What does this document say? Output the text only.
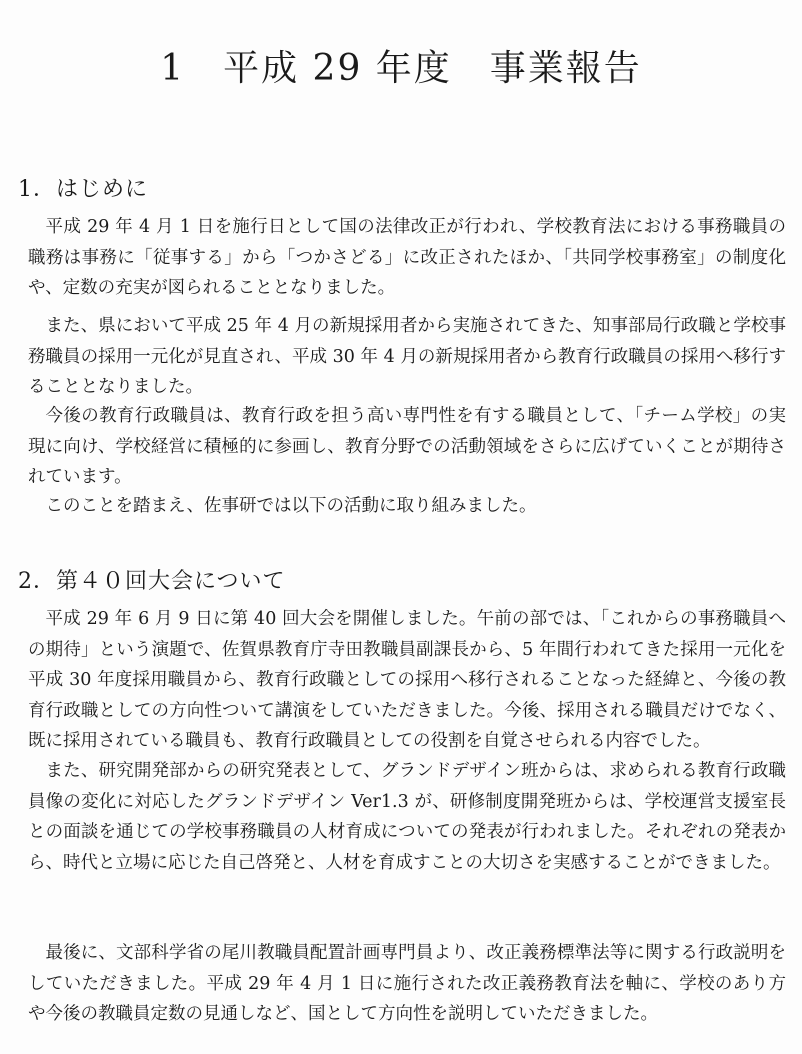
1　平成 29 年度　事業報告
1．はじめに

平成 29 年 4 月 1 日を施行日として国の法律改正が行われ、学校教育法における事務職員の職務は事務に「従事する」から「つかさどる」に改正されたほか、「共同学校事務室」の制度化や、定数の充実が図られることとなりました。

また、県において平成 25 年 4 月の新規採用者から実施されてきた、知事部局行政職と学校事務職員の採用一元化が見直され、平成 30 年 4 月の新規採用者から教育行政職員の採用へ移行することとなりました。

今後の教育行政職員は、教育行政を担う高い専門性を有する職員として、「チーム学校」の実現に向け、学校経営に積極的に参画し、教育分野での活動領域をさらに広げていくことが期待されています。

このことを踏まえ、佐事研では以下の活動に取り組みました。

2．第４０回大会について

平成 29 年 6 月 9 日に第 40 回大会を開催しました。午前の部では、「これからの事務職員への期待」という演題で、佐賀県教育庁寺田教職員副課長から、5 年間行われてきた採用一元化を平成 30 年度採用職員から、教育行政職としての採用へ移行されることなった経緯と、今後の教育行政職としての方向性ついて講演をしていただきました。今後、採用される職員だけでなく、既に採用されている職員も、教育行政職員としての役割を自覚させられる内容でした。

また、研究開発部からの研究発表として、グランドデザイン班からは、求められる教育行政職員像の変化に対応したグランドデザイン Ver1.3 が、研修制度開発班からは、学校運営支援室長との面談を通じての学校事務職員の人材育成についての発表が行われました。それぞれの発表から、時代と立場に応じた自己啓発と、人材を育成すことの大切さを実感することができました。

最後に、文部科学省の尾川教職員配置計画専門員より、改正義務標準法等に関する行政説明をしていただきました。平成 29 年 4 月 1 日に施行された改正義務教育法を軸に、学校のあり方や今後の教職員定数の見通しなど、国として方向性を説明していただきました。
